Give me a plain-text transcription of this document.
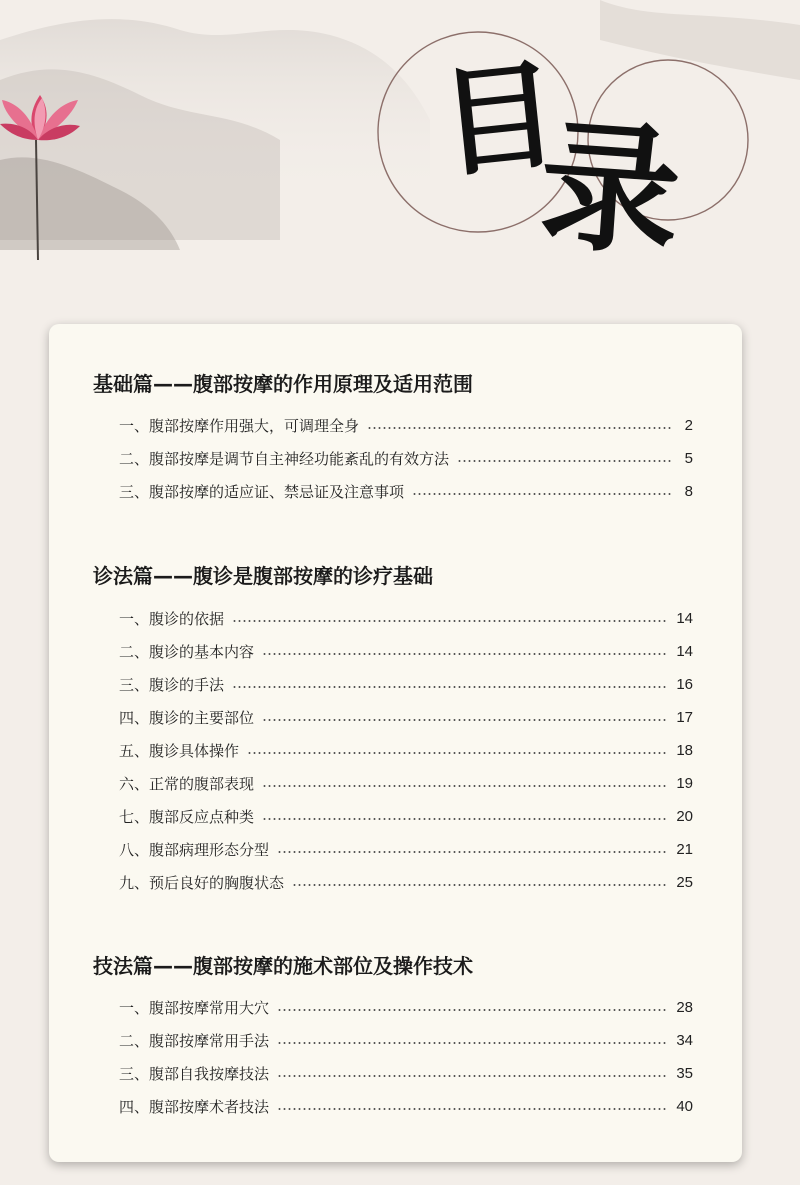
目
录
基础篇——腹部按摩的作用原理及适用范围
一、腹部按摩作用强大，可调理全身	2
二、腹部按摩是调节自主神经功能紊乱的有效方法	5
三、腹部按摩的适应证、禁忌证及注意事项	8
诊法篇——腹诊是腹部按摩的诊疗基础
一、腹诊的依据	14
二、腹诊的基本内容	14
三、腹诊的手法	16
四、腹诊的主要部位	17
五、腹诊具体操作	18
六、正常的腹部表现	19
七、腹部反应点种类	20
八、腹部病理形态分型	21
九、预后良好的胸腹状态	25
技法篇——腹部按摩的施术部位及操作技术
一、腹部按摩常用大穴	28
二、腹部按摩常用手法	34
三、腹部自我按摩技法	35
四、腹部按摩术者技法	40
